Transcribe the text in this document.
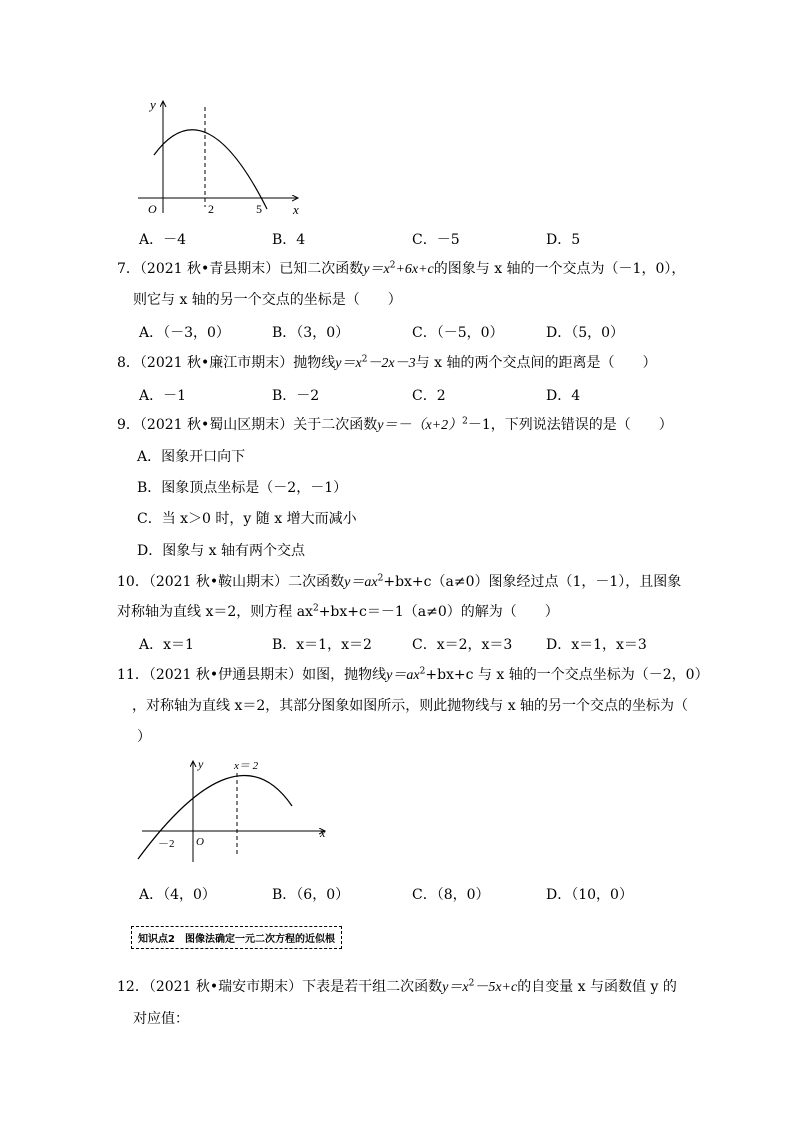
y
x
O	2	5
A．－4	B．4	C．－5	D．5
7．（2021 秋•青县期末）已知二次函数$y=x^2+6x+c$的图象与 x 轴的一个交点为（－1，0），
则它与 x 轴的另一个交点的坐标是（　　）
A．（－3，0）	B．（3，0）	C．（－5，0）	D．（5，0）
8．（2021 秋•廉江市期末）抛物线$y=x^2-2x-3$与 x 轴的两个交点间的距离是（　　）
A．－1	B．－2	C．2	D．4
9．（2021 秋•蜀山区期末）关于二次函数$y=-(x+2)^2-1$，下列说法错误的是（　　）
A．图象开口向下
B．图象顶点坐标是（－2，－1）
C．当 x＞0 时，y 随 x 增大而减小
D．图象与 x 轴有两个交点
10．（2021 秋•鞍山期末）二次函数$y=ax^2+bx+c(a\ne 0)$图象经过点（1，－1），且图象
对称轴为直线 x＝2，则方程 $ax^2+bx+c=-1(a\ne 0)$的解为（　　）
A．x＝1	B．x＝1，x＝2	C．x＝2，x＝3 D．x＝1，x＝3
11．（2021 秋•伊通县期末）如图，抛物线$y=ax^2+bx+c$ 与 x 轴的一个交点坐标为（－2，0）
，对称轴为直线 x＝2，其部分图象如图所示，则此抛物线与 x 轴的另一个交点的坐标为（
）
y
x
O
－2
x＝ 2
A．（4，0）	B．（6，0）	C．（8，0）	D．（10，0）
知识点2　图像法确定一元二次方程的近似根
12．（2021 秋•瑞安市期末）下表是若干组二次函数$y=x^2-5x+c$的自变量 x 与函数值 y 的
对应值：
